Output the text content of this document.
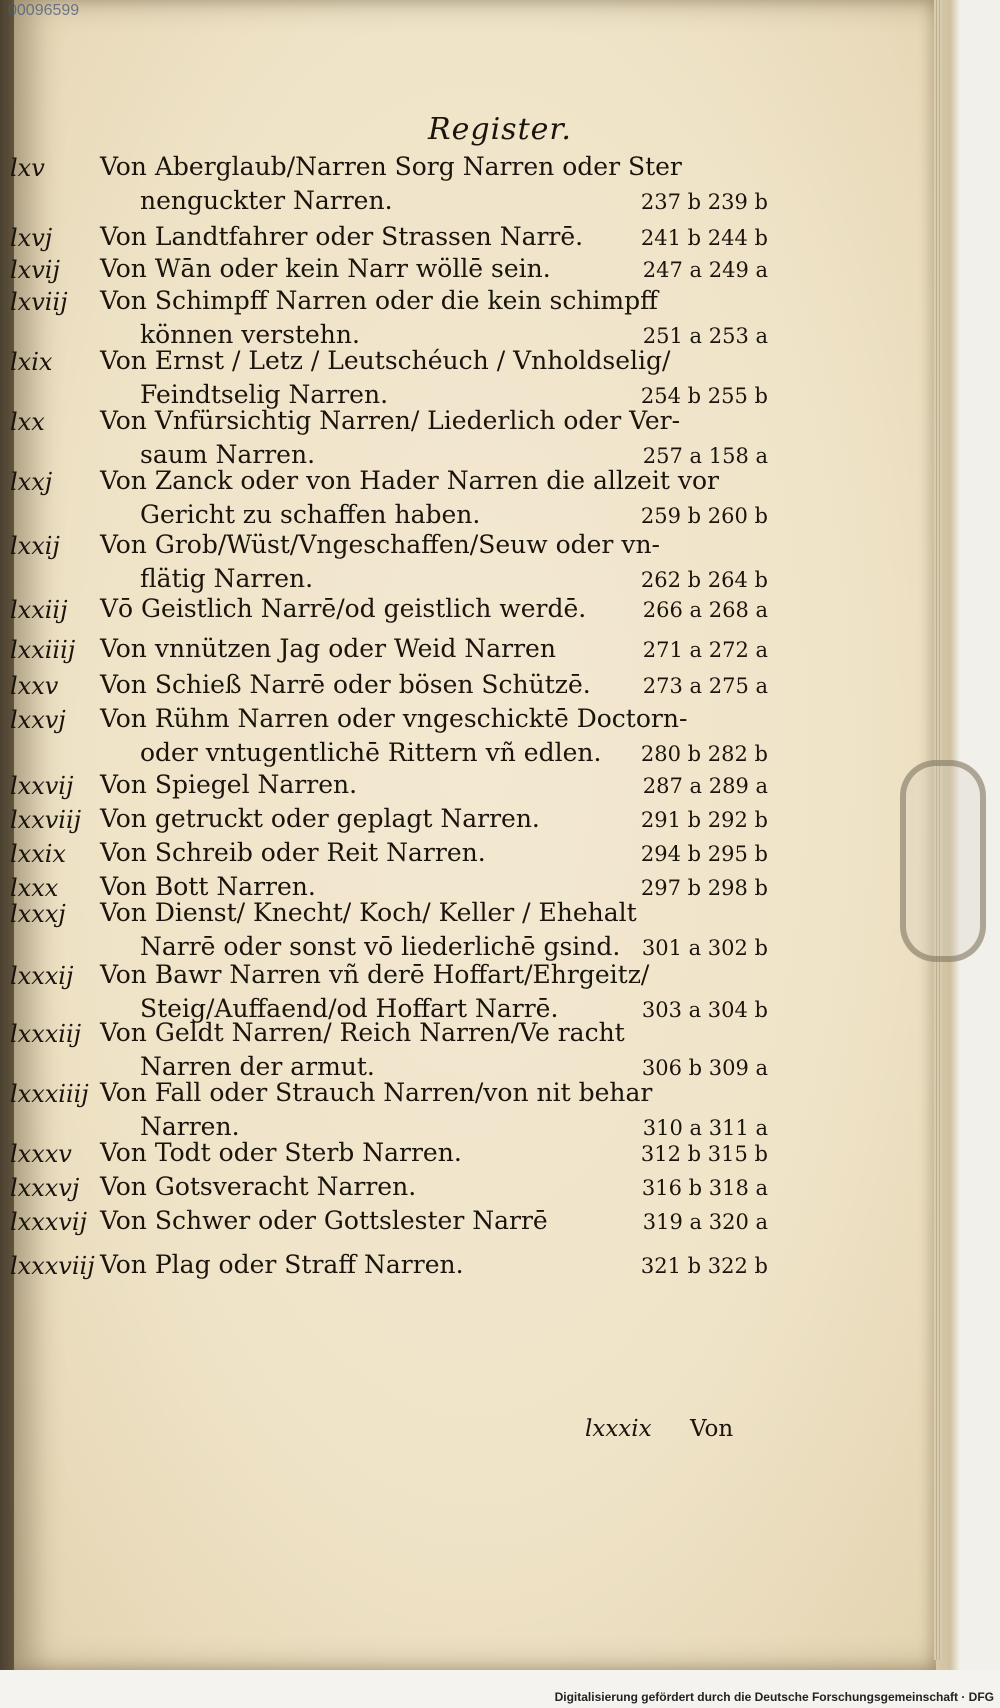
00096599
Register.
lxv Von Aberglaub/Narren Sorg Narren oder Ster
nenguckter Narren.	237 b 239 b
lxvj Von Landtfahrer oder Strassen Narrē.	241 b 244 b
lxvij Von Wān oder kein Narr wöllē sein.	247 a 249 a
lxviij Von Schimpff Narren oder die kein schimpff
können verstehn.	251 a 253 a
lxix Von Ernst / Letz / Leutschéuch / Vnholdselig/
Feindtselig Narren.	254 b 255 b
lxx Von Vnfürsichtig Narren/ Liederlich oder Ver-
saum Narren.	257 a 158 a
lxxj Von Zanck oder von Hader Narren die allzeit vor
Gericht zu schaffen haben.	259 b 260 b
lxxij Von Grob/Wüst/Vngeschaffen/Seuw oder vn-
flätig Narren.	262 b 264 b
lxxiij Vō Geistlich Narrē/od geistlich werdē.	266 a 268 a
lxxiiij Von vnnützen Jag oder Weid Narren	271 a 272 a
lxxv Von Schieß Narrē oder bösen Schützē. 273 a 275 a
lxxvj Von Rühm Narren oder vngeschicktē Doctorn-
oder vntugentlichē Rittern vñ edlen. 280 b 282 b
lxxvij Von Spiegel Narren.	287 a 289 a
lxxviij Von getruckt oder geplagt Narren.	291 b 292 b
lxxix Von Schreib oder Reit Narren.	294 b 295 b
lxxx Von Bott Narren.	297 b 298 b
lxxxj Von Dienst/ Knecht/ Koch/ Keller / Ehehalt
Narrē oder sonst vō liederlichē gsind. 301 a 302 b
lxxxij Von Bawr Narren vñ derē Hoffart/Ehrgeitz/
Steig/Auffaend/od Hoffart Narrē.	303 a 304 b
lxxxiij Von Geldt Narren/ Reich Narren/Ve racht
Narren der armut.	306 b 309 a
lxxxiiij Von Fall oder Strauch Narren/von nit behar
Narren.	310 a 311 a
lxxxv Von Todt oder Sterb Narren.	312 b 315 b
lxxxvj Von Gotsveracht Narren.	316 b 318 a
lxxxvij Von Schwer oder Gottslester Narrē	319 a 320 a
lxxxviij Von Plag oder Straff Narren.	321 b 322 b
lxxxix Von
Digitalisierung gefördert durch die Deutsche Forschungsgemeinschaft · DFG
